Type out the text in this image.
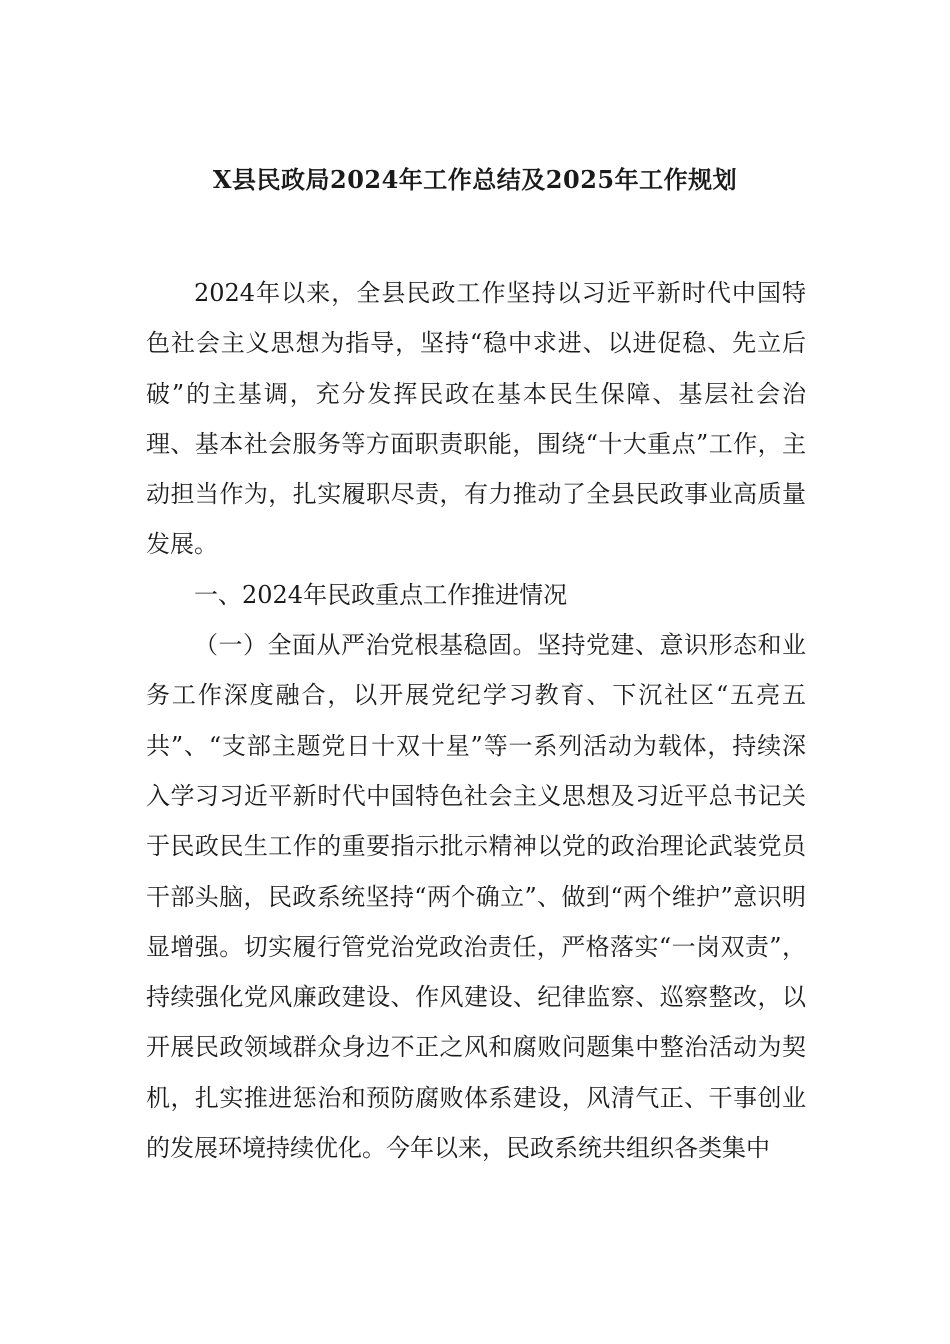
X县民政局2024年工作总结及2025年工作规划

2024年以来，全县民政工作坚持以习近平新时代中国特色社会主义思想为指导，坚持“稳中求进、以进促稳、先立后破”的主基调，充分发挥民政在基本民生保障、基层社会治理、基本社会服务等方面职责职能，围绕“十大重点”工作，主动担当作为，扎实履职尽责，有力推动了全县民政事业高质量发展。

一、2024年民政重点工作推进情况

（一）全面从严治党根基稳固。坚持党建、意识形态和业务工作深度融合，以开展党纪学习教育、下沉社区“五亮五共”、“支部主题党日十双十星”等一系列活动为载体，持续深入学习习近平新时代中国特色社会主义思想及习近平总书记关于民政民生工作的重要指示批示精神以党的政治理论武装党员干部头脑，民政系统坚持“两个确立”、做到“两个维护”意识明显增强。切实履行管党治党政治责任，严格落实“一岗双责”，持续强化党风廉政建设、作风建设、纪律监察、巡察整改，以开展民政领域群众身边不正之风和腐败问题集中整治活动为契机，扎实推进惩治和预防腐败体系建设，风清气正、干事创业的发展环境持续优化。今年以来，民政系统共组织各类集中
